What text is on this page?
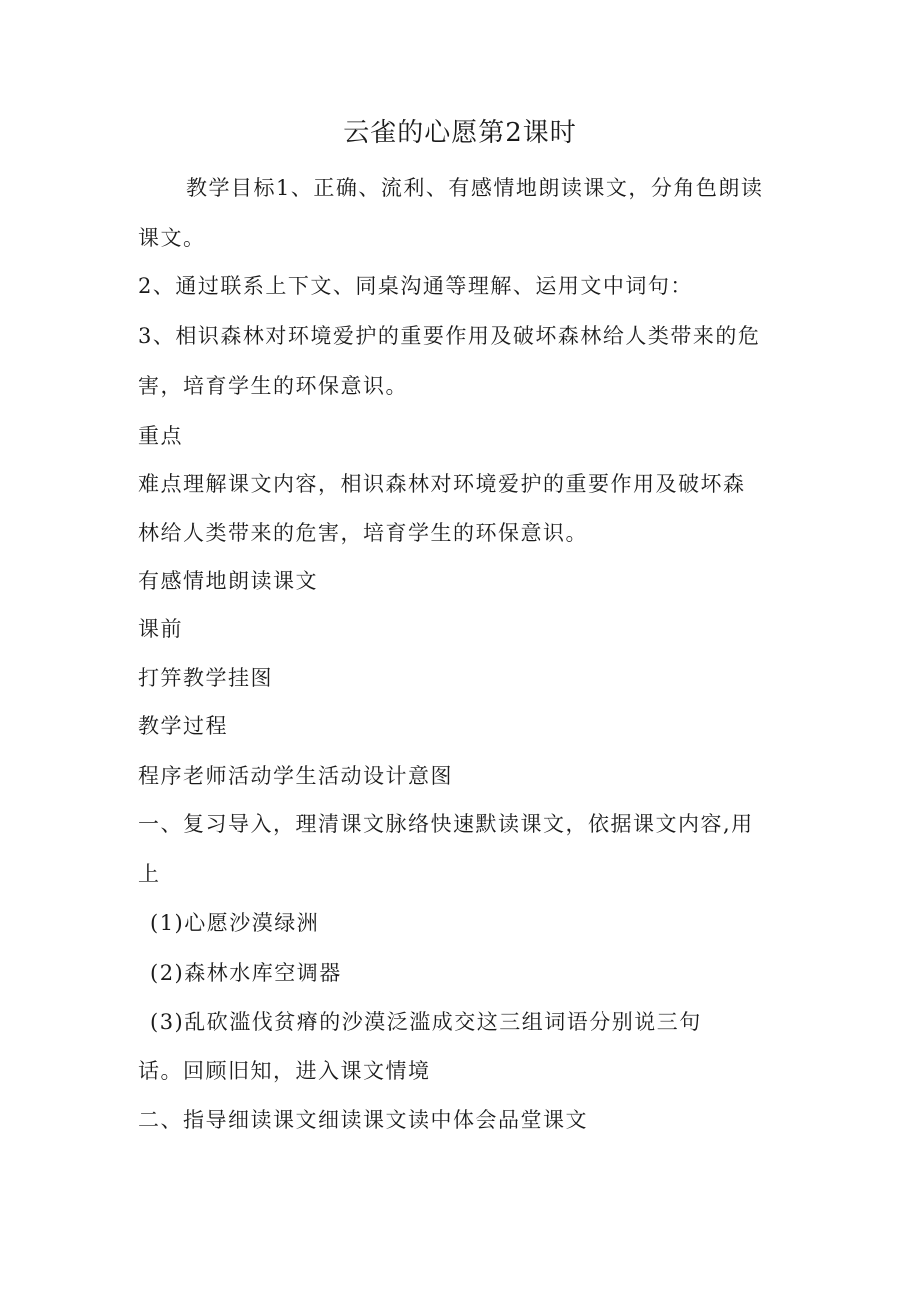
云雀的心愿第2课时
教学目标1、正确、流利、有感情地朗读课文，分角色朗读
课文。
2、通过联系上下文、同桌沟通等理解、运用文中词句：
3、相识森林对环境爱护的重要作用及破坏森林给人类带来的危
害，培育学生的环保意识。
重点
难点理解课文内容，相识森林对环境爱护的重要作用及破坏森
林给人类带来的危害，培育学生的环保意识。
有感情地朗读课文
课前
打笄教学挂图
教学过程
程序老师活动学生活动设计意图
一、复习导入，理清课文脉络快速默读课文，依据课文内容,用
上
(1)心愿沙漠绿洲
(2)森林水库空调器
(3)乱砍滥伐贫瘠的沙漠泛滥成交这三组词语分别说三句
话。回顾旧知，进入课文情境
二、指导细读课文细读课文读中体会品堂课文
